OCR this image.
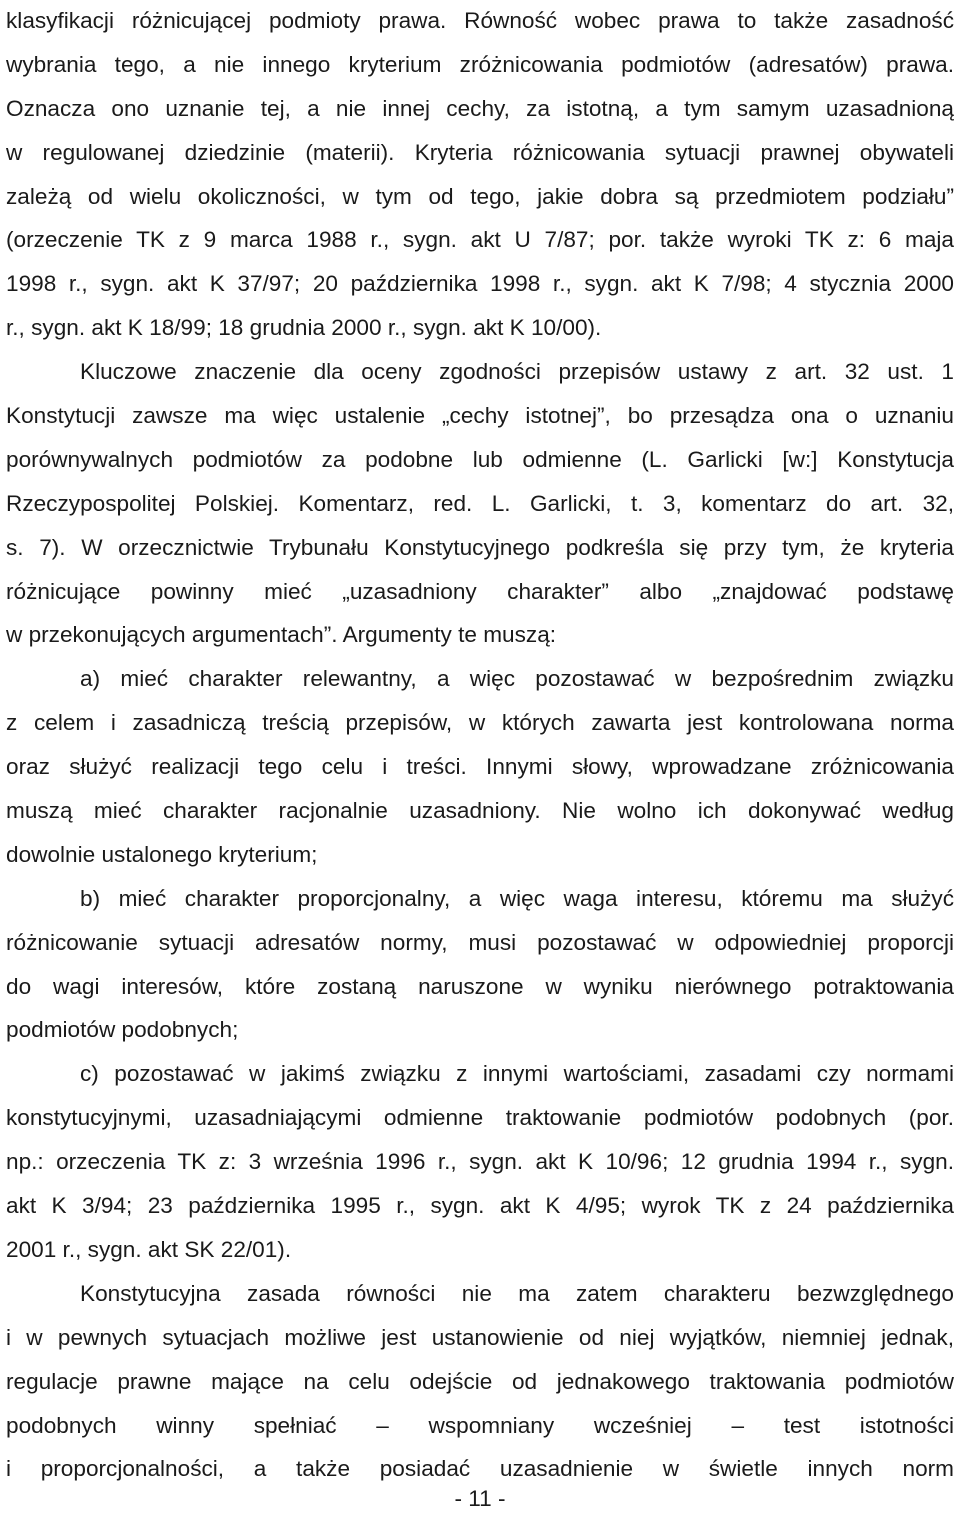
klasyfikacji różnicującej podmioty prawa. Równość wobec prawa to także zasadność
wybrania tego, a nie innego kryterium zróżnicowania podmiotów (adresatów) prawa.
Oznacza ono uznanie tej, a nie innej cechy, za istotną, a tym samym uzasadnioną
w regulowanej dziedzinie (materii). Kryteria różnicowania sytuacji prawnej obywateli
zależą od wielu okoliczności, w tym od tego, jakie dobra są przedmiotem podziału”
(orzeczenie TK z 9 marca 1988 r., sygn. akt U 7/87; por. także wyroki TK z: 6 maja
1998 r., sygn. akt K 37/97; 20 października 1998 r., sygn. akt K 7/98; 4 stycznia 2000
r., sygn. akt K 18/99; 18 grudnia 2000 r., sygn. akt K 10/00).
Kluczowe znaczenie dla oceny zgodności przepisów ustawy z art. 32 ust. 1
Konstytucji zawsze ma więc ustalenie „cechy istotnej”, bo przesądza ona o uznaniu
porównywalnych podmiotów za podobne lub odmienne (L. Garlicki [w:] Konstytucja
Rzeczypospolitej Polskiej. Komentarz, red. L. Garlicki, t. 3, komentarz do art. 32,
s. 7). W orzecznictwie Trybunału Konstytucyjnego podkreśla się przy tym, że kryteria
różnicujące powinny mieć „uzasadniony charakter” albo „znajdować podstawę
w przekonujących argumentach”. Argumenty te muszą:
a) mieć charakter relewantny, a więc pozostawać w bezpośrednim związku
z celem i zasadniczą treścią przepisów, w których zawarta jest kontrolowana norma
oraz służyć realizacji tego celu i treści. Innymi słowy, wprowadzane zróżnicowania
muszą mieć charakter racjonalnie uzasadniony. Nie wolno ich dokonywać według
dowolnie ustalonego kryterium;
b) mieć charakter proporcjonalny, a więc waga interesu, któremu ma służyć
różnicowanie sytuacji adresatów normy, musi pozostawać w odpowiedniej proporcji
do wagi interesów, które zostaną naruszone w wyniku nierównego potraktowania
podmiotów podobnych;
c) pozostawać w jakimś związku z innymi wartościami, zasadami czy normami
konstytucyjnymi, uzasadniającymi odmienne traktowanie podmiotów podobnych (por.
np.: orzeczenia TK z: 3 września 1996 r., sygn. akt K 10/96; 12 grudnia 1994 r., sygn.
akt K 3/94; 23 października 1995 r., sygn. akt K 4/95; wyrok TK z 24 października
2001 r., sygn. akt SK 22/01).
Konstytucyjna zasada równości nie ma zatem charakteru bezwzględnego
i w pewnych sytuacjach możliwe jest ustanowienie od niej wyjątków, niemniej jednak,
regulacje prawne mające na celu odejście od jednakowego traktowania podmiotów
podobnych winny spełniać – wspomniany wcześniej – test istotności
i proporcjonalności, a także posiadać uzasadnienie w świetle innych norm
- 11 -
